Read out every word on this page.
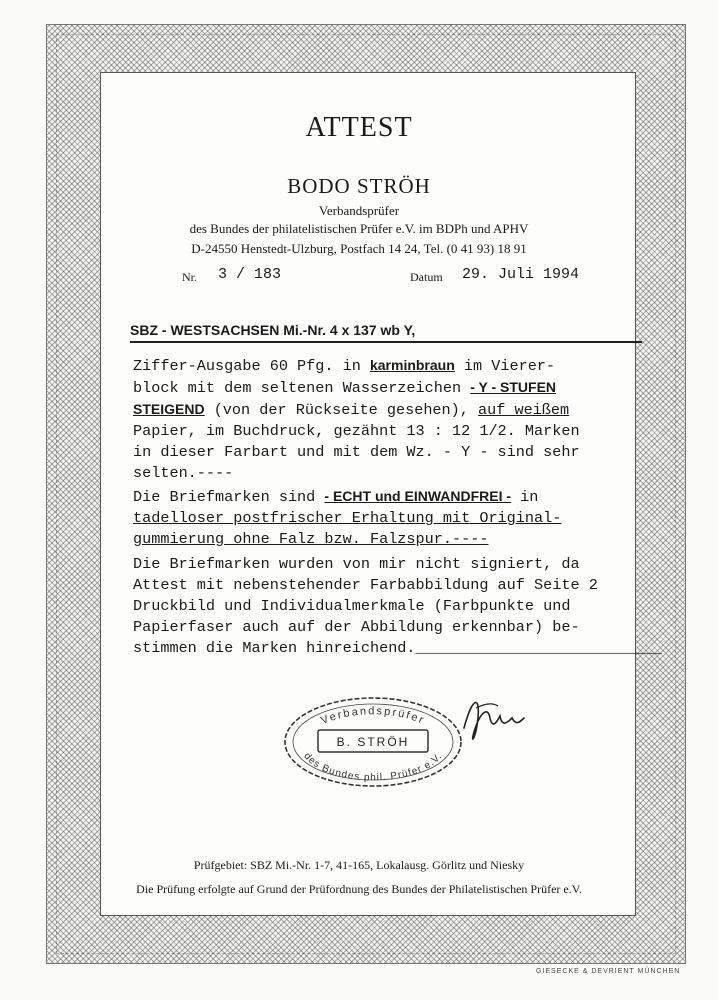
ATTEST
BODO STRÖH
Verbandsprüfer
des Bundes der philatelistischen Prüfer e.V. im BDPh und APHV
D-24550 Henstedt-Ulzburg, Postfach 14 24, Tel. (0 41 93) 18 91
Nr. 3 / 183	Datum 29. Juli 1994
SBZ - WESTSACHSEN Mi.-Nr. 4 x 137 wb Y,
Ziffer-Ausgabe 60 Pfg. in karminbraun im Vierer-
block mit dem seltenen Wasserzeichen - Y - STUFEN
STEIGEND (von der Rückseite gesehen), auf weißem
Papier, im Buchdruck, gezähnt 13 : 12 1/2. Marken
in dieser Farbart und mit dem Wz. - Y - sind sehr
selten.----
Die Briefmarken sind - ECHT und EINWANDFREI - in
tadelloser postfrischer Erhaltung mit Original-
gummierung ohne Falz bzw. Falzspur.----
Die Briefmarken wurden von mir nicht signiert, da
Attest mit nebenstehender Farbabbildung auf Seite 2
Druckbild und Individualmerkmale (Farbpunkte und
Papierfaser auch auf der Abbildung erkennbar) be-
stimmen die Marken hinreichend.___________________________
Verbandsprüfer
B. STRÖH
des Bundes phil. Prüfer e.V.
Prüfgebiet: SBZ Mi.-Nr. 1-7, 41-165, Lokalausg. Görlitz und Niesky
Die Prüfung erfolgte auf Grund der Prüfordnung des Bundes der Philatelistischen Prüfer e.V.
GIESECKE & DEVRIENT MÜNCHEN
